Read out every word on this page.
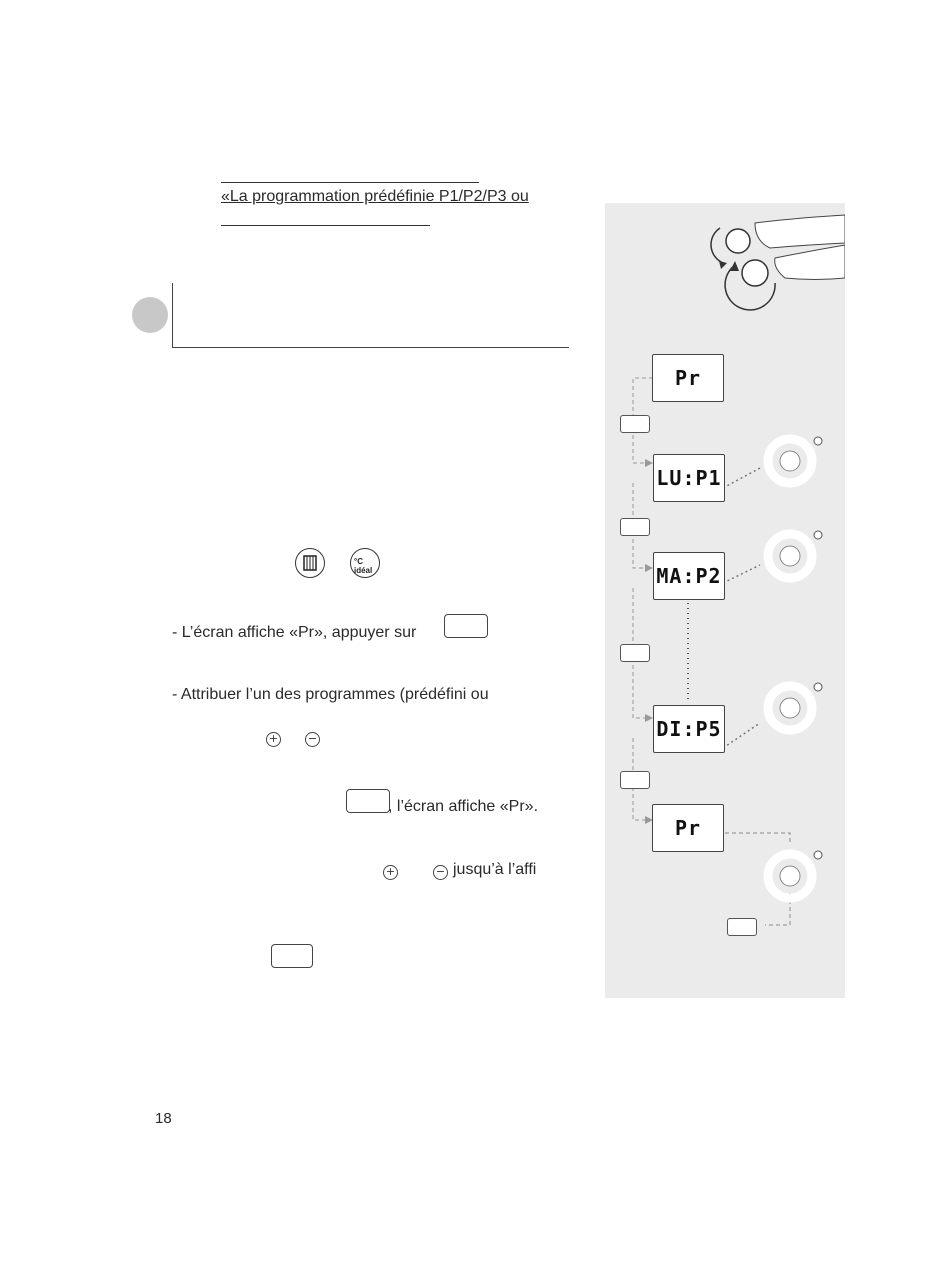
«La programmation prédéfinie P1/P2/P3 ou
°C idéal
- L’écran affiche «Pr», appuyer sur
- Attribuer l’un des programmes (prédéfini ou
+	−
, l’écran affiche «Pr».
+	− jusqu’à l’affi
18
Pr
LU:P1
MA:P2
DI:P5
Pr
